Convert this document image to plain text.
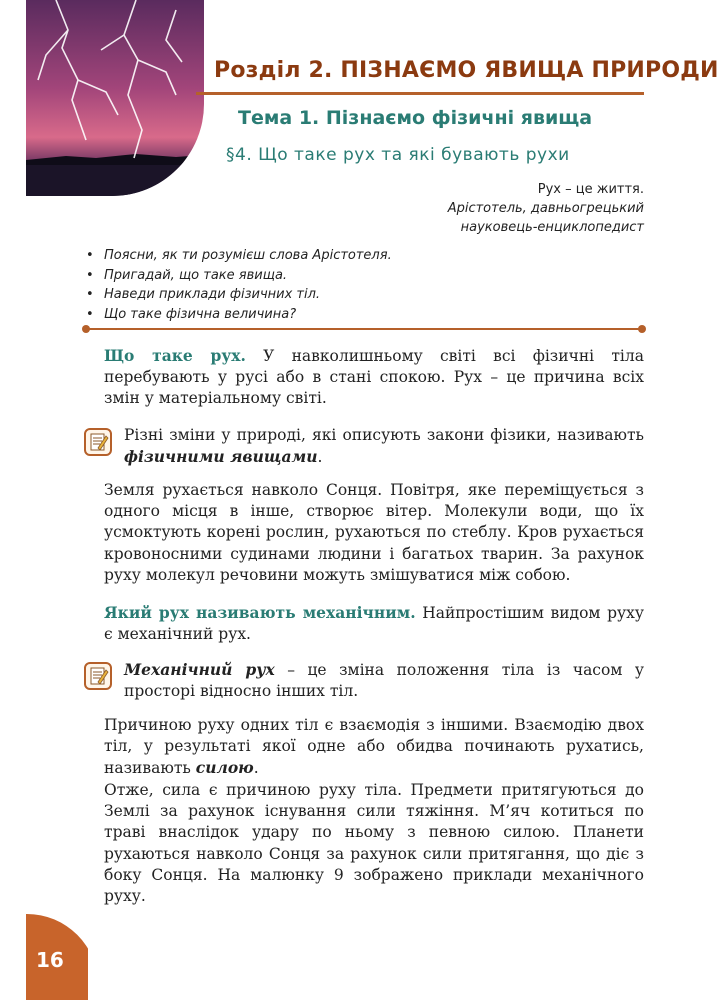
Розділ 2. ПІЗНАЄМО ЯВИЩА ПРИРОДИ
Тема 1. Пізнаємо фізичні явища
§4. Що таке рух та які бувають рухи
Рух – це життя.
Арістотель, давньогрецький
науковець-енциклопедист
• Поясни, як ти розумієш слова Арістотеля.
• Пригадай, що таке явища.
• Наведи приклади фізичних тіл.
• Що таке фізична величина?

Що таке рух. У навколишньому світі всі фізичні тіла перебувають у русі або в стані спокою. Рух – це причина всіх змін у матеріальному світі.

Різні зміни у природі, які описують закони фізики, називають фізичними явищами.

Земля рухається навколо Сонця. Повітря, яке переміщується з одного місця в інше, створює вітер. Молекули води, що їх усмоктують корені рослин, рухаються по стеблу. Кров рухається кровоносними судинами людини і багатьох тварин. За рахунок руху молекул речовини можуть змішуватися між собою.

Який рух називають механічним. Найпростішим видом руху є механічний рух.

Механічний рух – це зміна положення тіла із часом у просторі відносно інших тіл.

Причиною руху одних тіл є взаємодія з іншими. Взаємодію двох тіл, у результаті якої одне або обидва починають рухатись, називають силою.

Отже, сила є причиною руху тіла. Предмети притягуються до Землі за рахунок існування сили тяжіння. М’яч котиться по траві внаслідок удару по ньому з певною силою. Планети рухаються навколо Сонця за рахунок сили притягання, що діє з боку Сонця. На малюнку 9 зображено приклади механічного руху.

16
